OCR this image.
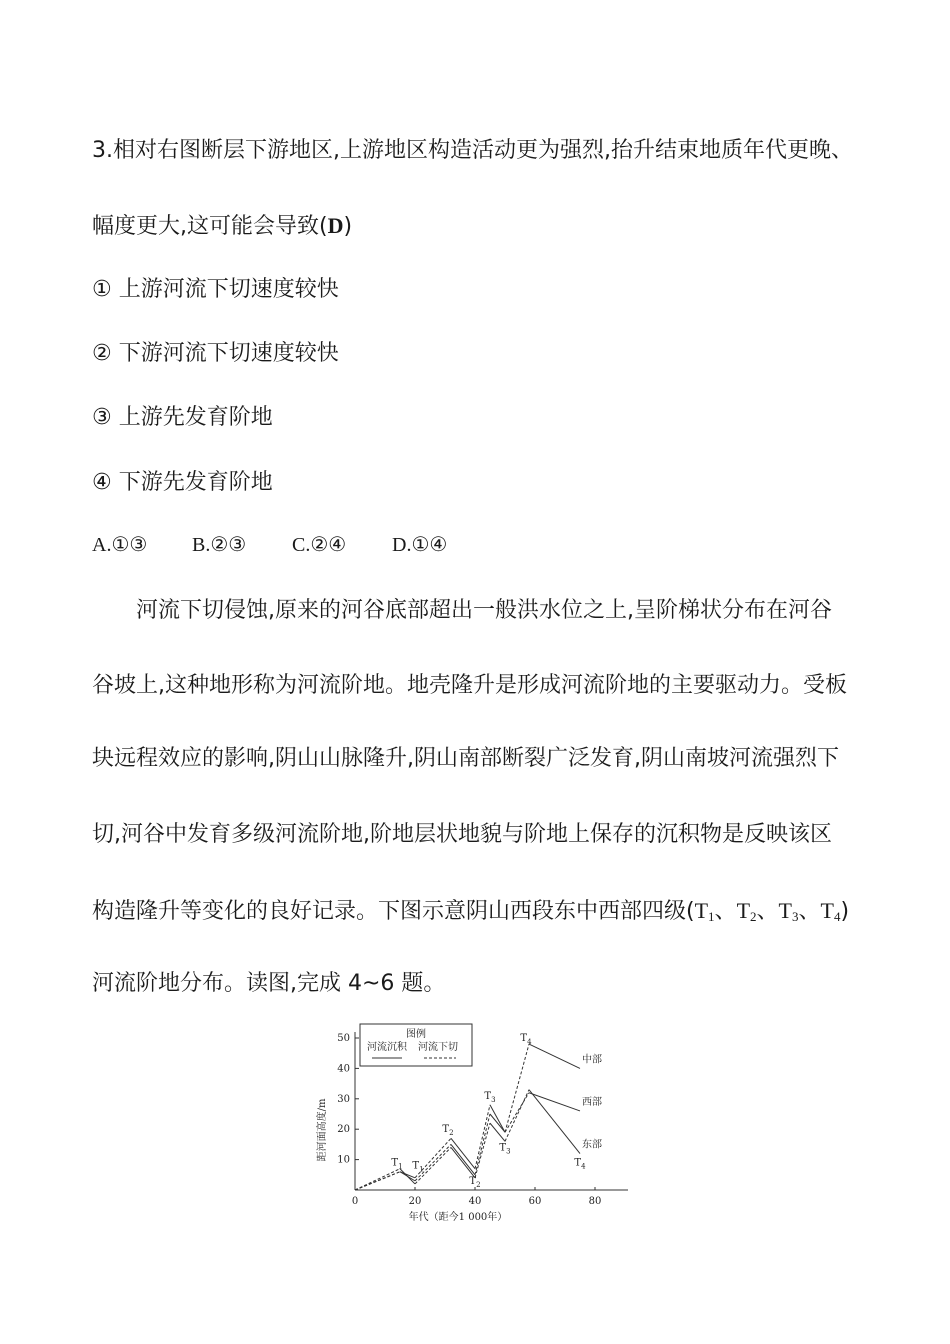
3.相对右图断层下游地区,上游地区构造活动更为强烈,抬升结束地质年代更晚、
幅度更大,这可能会导致(D)
① 上游河流下切速度较快
② 下游河流下切速度较快
③ 上游先发育阶地
④ 下游先发育阶地
A.①③ B.②③ C.②④ D.①④
河流下切侵蚀,原来的河谷底部超出一般洪水位之上,呈阶梯状分布在河谷
谷坡上,这种地形称为河流阶地。地壳隆升是形成河流阶地的主要驱动力。受板
块远程效应的影响,阴山山脉隆升,阴山南部断裂广泛发育,阴山南坡河流强烈下
切,河谷中发育多级河流阶地,阶地层状地貌与阶地上保存的沉积物是反映该区
构造隆升等变化的良好记录。下图示意阴山西段东中西部四级($T_1$、$T_2$、$T_3$、$T_4$)
河流阶地分布。读图,完成 4~6 题。
10
20
30
40
50
0	20	40	60	80
中部
西部
东部
$T_1$ $T_1$
$T_2$
$T_2$
$T_3$
$T_3$
$T_4$
$T_4$
图例
河流沉积 河流下切
年代（距今1 000年）
距河面高度/m
